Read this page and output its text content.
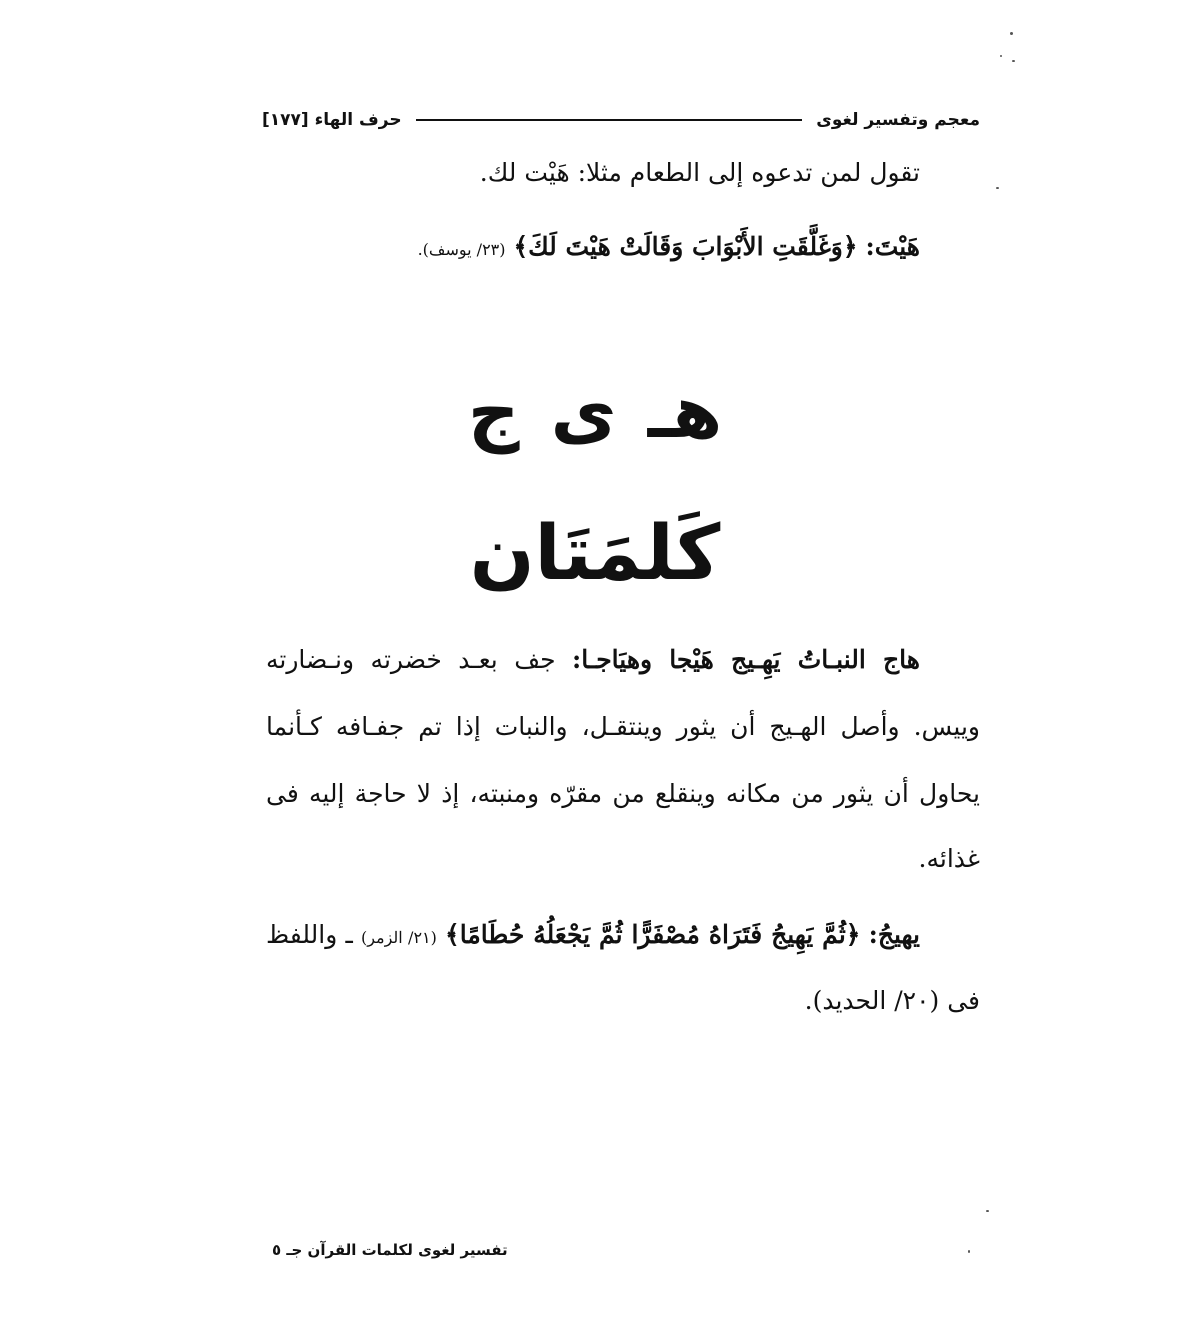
معجم وتفسير لغوى
حرف الهاء [١٧٧]
تقول لمن تدعوه إلى الطعام مثلا: هَيْت لك.
هَيْتَ: ﴿وَغَلَّقَتِ الأَبْوَابَ وَقَالَتْ هَيْتَ لَكَ﴾ (٢٣/ يوسف).
هـ ى ج
كَلمَتَان
هاج النبـاتُ يَهِـيج هَيْجا وهيَاجـا: جف بعـد خضرته ونـضارته
وييس. وأصل الهـيج أن يثور وينتقـل، والنبات إذا تم جفـافه كـأنما
يحاول أن يثور من مكانه وينقلع من مقرّه ومنبته، إذ لا حاجة إليه فى
غذائه.
يهيجُ: ﴿ثُمَّ يَهِيجُ فَتَرَاهُ مُصْفَرًّا ثُمَّ يَجْعَلُهُ حُطَامًا﴾ (٢١/ الزمر) ـ واللفظ
فى (٢٠/ الحديد).
تفسير لغوى لكلمات القرآن جـ ٥
